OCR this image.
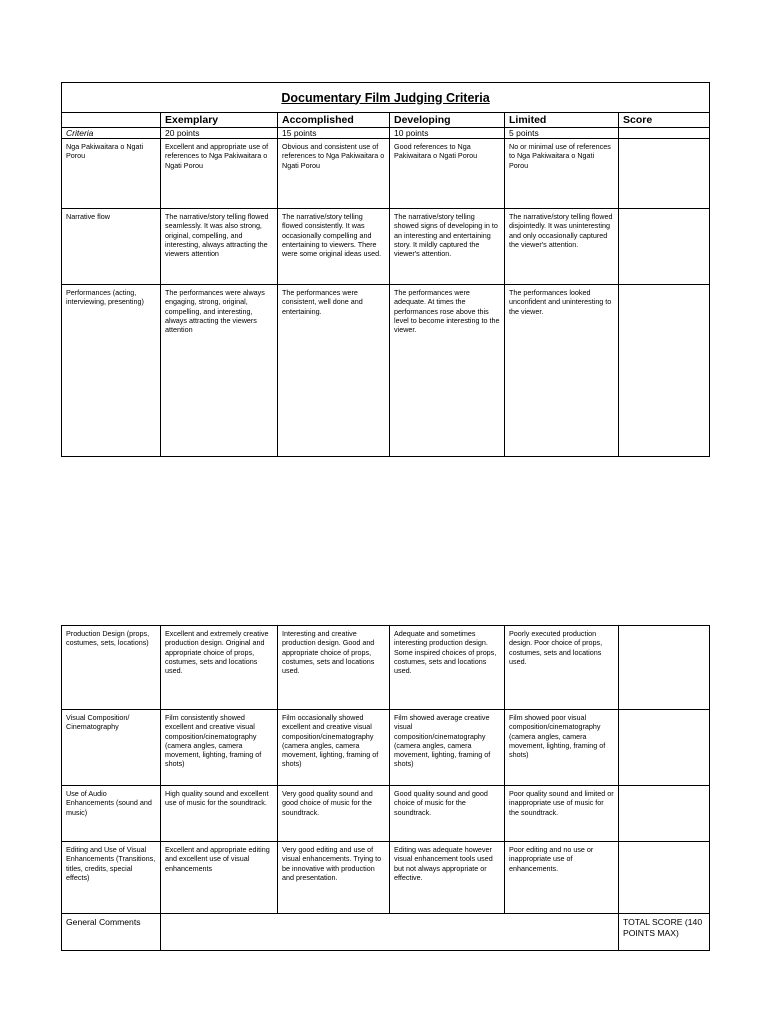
Documentary Film Judging Criteria					
	Exemplary	Accomplished	Developing	Limited	Score
Criteria	20 points	15 points	10 points	5 points	
Nga Pakiwaitara o Ngati Porou	Excellent and appropriate use of references to Nga Pakiwaitara o Ngati Porou	Obvious and consistent use of references to Nga Pakiwaitara o Ngati Porou	Good references to Nga Pakiwaitara o Ngati Porou	No or minimal use of references to Nga Pakiwaitara o Ngati Porou	
Narrative flow	The narrative/story telling flowed seamlessly. It was also strong, original, compelling, and interesting, always attracting the viewers attention	The narrative/story telling flowed consistently. It was occasionally compelling and entertaining to viewers. There were some original ideas used.	The narrative/story telling showed signs of developing in to an interesting and entertaining story. It mildly captured the viewer's attention.	The narrative/story telling flowed disjointedly. It was uninteresting and only occasionally captured the viewer's attention.	
Performances (acting, interviewing, presenting)	The performances were always engaging, strong, original, compelling, and interesting, always attracting the viewers attention	The performances were consistent, well done and entertaining.	The performances were adequate. At times the performances rose above this level to become interesting to the viewer.	The performances looked unconfident and uninteresting to the viewer.	
Production Design (props, costumes, sets, locations)	Excellent and extremely creative production design. Original and appropriate choice of props, costumes, sets and locations used.	Interesting and creative production design. Good and appropriate choice of props, costumes, sets and locations used.	Adequate and sometimes interesting production design. Some inspired choices of props, costumes, sets and locations used.	Poorly executed production design. Poor choice of props, costumes, sets and locations used.	
Visual Composition/ Cinematography	Film consistently showed excellent and creative visual composition/cinematography (camera angles, camera movement, lighting, framing of shots)	Film occasionally showed excellent and creative visual composition/cinematography (camera angles, camera movement, lighting, framing of shots)	Film showed average creative visual composition/cinematography (camera angles, camera movement, lighting, framing of shots)	Film showed poor visual composition/cinematography (camera angles, camera movement, lighting, framing of shots)	
Use of Audio Enhancements (sound and music)	High quality sound and excellent use of music for the soundtrack.	Very good quality sound and good choice of music for the soundtrack.	Good quality sound and good choice of music for the soundtrack.	Poor quality sound and limited or inappropriate use of music for the soundtrack.	
Editing and Use of Visual Enhancements (Transitions, titles, credits, special effects)	Excellent and appropriate editing and excellent use of visual enhancements	Very good editing and use of visual enhancements. Trying to be innovative with production and presentation.	Editing was adequate however visual enhancement tools used but not always appropriate or effective.	Poor editing and no use or inappropriate use of enhancements.	
General Comments					TOTAL SCORE (140 POINTS MAX)
